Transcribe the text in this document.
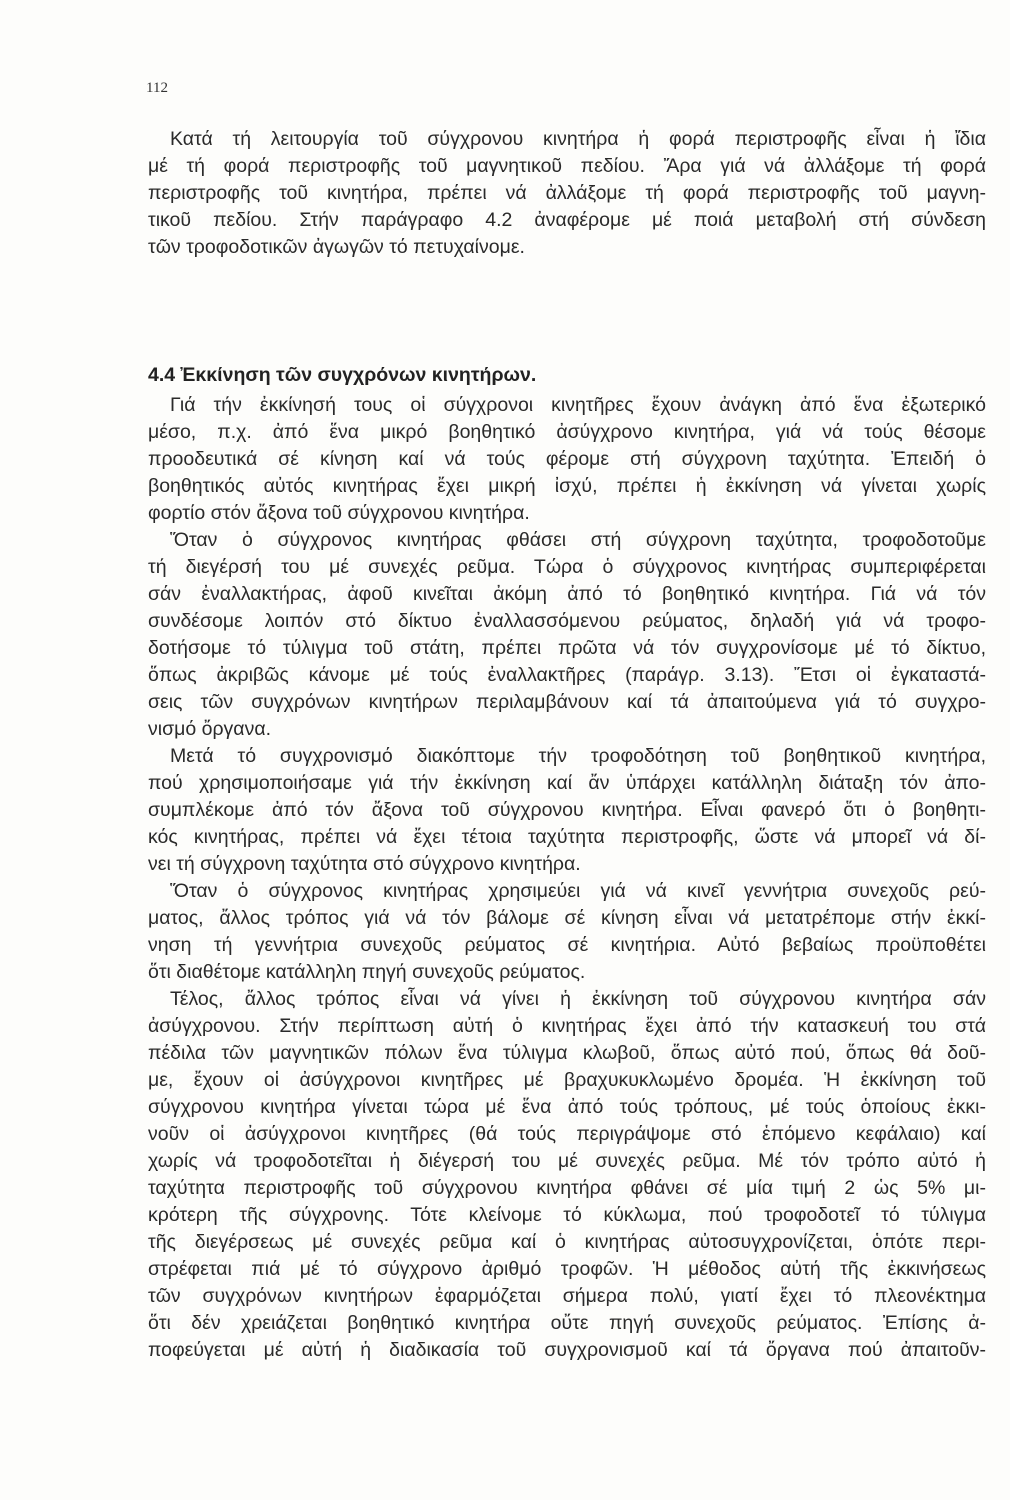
112
Κατά τή λειτουργία τοῦ σύγχρονου κινητήρα ἡ φορά περιστροφῆς εἶναι ἡ ἴδια
μέ τή φορά περιστροφῆς τοῦ μαγνητικοῦ πεδίου. Ἄρα γιά νά ἀλλάξομε τή φορά
περιστροφῆς τοῦ κινητήρα, πρέπει νά ἀλλάξομε τή φορά περιστροφῆς τοῦ μαγνη-
τικοῦ πεδίου. Στήν παράγραφο 4.2 ἀναφέρομε μέ ποιά μεταβολή στή σύνδεση
τῶν τροφοδοτικῶν ἀγωγῶν τό πετυχαίνομε.
4.4 Ἐκκίνηση τῶν συγχρόνων κινητήρων.
Γιά τήν ἐκκίνησή τους οἱ σύγχρονοι κινητῆρες ἔχουν ἀνάγκη ἀπό ἕνα ἐξωτερικό
μέσο, π.χ. ἀπό ἕνα μικρό βοηθητικό ἀσύγχρονο κινητήρα, γιά νά τούς θέσομε
προοδευτικά σέ κίνηση καί νά τούς φέρομε στή σύγχρονη ταχύτητα. Ἐπειδή ὁ
βοηθητικός αὐτός κινητήρας ἔχει μικρή ἰσχύ, πρέπει ἡ ἐκκίνηση νά γίνεται χωρίς
φορτίο στόν ἄξονα τοῦ σύγχρονου κινητήρα.
Ὅταν ὁ σύγχρονος κινητήρας φθάσει στή σύγχρονη ταχύτητα, τροφοδοτοῦμε
τή διεγέρσή του μέ συνεχές ρεῦμα. Τώρα ὁ σύγχρονος κινητήρας συμπεριφέρεται
σάν ἐναλλακτήρας, ἀφοῦ κινεῖται ἀκόμη ἀπό τό βοηθητικό κινητήρα. Γιά νά τόν
συνδέσομε λοιπόν στό δίκτυο ἐναλλασσόμενου ρεύματος, δηλαδή γιά νά τροφο-
δοτήσομε τό τύλιγμα τοῦ στάτη, πρέπει πρῶτα νά τόν συγχρονίσομε μέ τό δίκτυο,
ὅπως ἀκριβῶς κάνομε μέ τούς ἐναλλακτῆρες (παράγρ. 3.13). Ἔτσι οἱ ἐγκαταστά-
σεις τῶν συγχρόνων κινητήρων περιλαμβάνουν καί τά ἀπαιτούμενα γιά τό συγχρο-
νισμό ὄργανα.
Μετά τό συγχρονισμό διακόπτομε τήν τροφοδότηση τοῦ βοηθητικοῦ κινητήρα,
πού χρησιμοποιήσαμε γιά τήν ἐκκίνηση καί ἄν ὑπάρχει κατάλληλη διάταξη τόν ἀπο-
συμπλέκομε ἀπό τόν ἄξονα τοῦ σύγχρονου κινητήρα. Εἶναι φανερό ὅτι ὁ βοηθητι-
κός κινητήρας, πρέπει νά ἔχει τέτοια ταχύτητα περιστροφῆς, ὥστε νά μπορεῖ νά δί-
νει τή σύγχρονη ταχύτητα στό σύγχρονο κινητήρα.
Ὅταν ὁ σύγχρονος κινητήρας χρησιμεύει γιά νά κινεῖ γεννήτρια συνεχοῦς ρεύ-
ματος, ἄλλος τρόπος γιά νά τόν βάλομε σέ κίνηση εἶναι νά μετατρέπομε στήν ἐκκί-
νηση τή γεννήτρια συνεχοῦς ρεύματος σέ κινητήρια. Αὐτό βεβαίως προϋποθέτει
ὅτι διαθέτομε κατάλληλη πηγή συνεχοῦς ρεύματος.
Τέλος, ἄλλος τρόπος εἶναι νά γίνει ἡ ἐκκίνηση τοῦ σύγχρονου κινητήρα σάν
ἀσύγχρονου. Στήν περίπτωση αὐτή ὁ κινητήρας ἔχει ἀπό τήν κατασκευή του στά
πέδιλα τῶν μαγνητικῶν πόλων ἕνα τύλιγμα κλωβοῦ, ὅπως αὐτό πού, ὅπως θά δοῦ-
με, ἔχουν οἱ ἀσύγχρονοι κινητῆρες μέ βραχυκυκλωμένο δρομέα. Ἡ ἐκκίνηση τοῦ
σύγχρονου κινητήρα γίνεται τώρα μέ ἕνα ἀπό τούς τρόπους, μέ τούς ὁποίους ἐκκι-
νοῦν οἱ ἀσύγχρονοι κινητῆρες (θά τούς περιγράψομε στό ἑπόμενο κεφάλαιο) καί
χωρίς νά τροφοδοτεῖται ἡ διέγερσή του μέ συνεχές ρεῦμα. Μέ τόν τρόπο αὐτό ἡ
ταχύτητα περιστροφῆς τοῦ σύγχρονου κινητήρα φθάνει σέ μία τιμή 2 ὡς 5% μι-
κρότερη τῆς σύγχρονης. Τότε κλείνομε τό κύκλωμα, πού τροφοδοτεῖ τό τύλιγμα
τῆς διεγέρσεως μέ συνεχές ρεῦμα καί ὁ κινητήρας αὐτοσυγχρονίζεται, ὁπότε περι-
στρέφεται πιά μέ τό σύγχρονο ἀριθμό τροφῶν. Ἡ μέθοδος αὐτή τῆς ἐκκινήσεως
τῶν συγχρόνων κινητήρων ἐφαρμόζεται σήμερα πολύ, γιατί ἔχει τό πλεονέκτημα
ὅτι δέν χρειάζεται βοηθητικό κινητήρα οὔτε πηγή συνεχοῦς ρεύματος. Ἐπίσης ἀ-
ποφεύγεται μέ αὐτή ἡ διαδικασία τοῦ συγχρονισμοῦ καί τά ὄργανα πού ἀπαιτοῦν-
